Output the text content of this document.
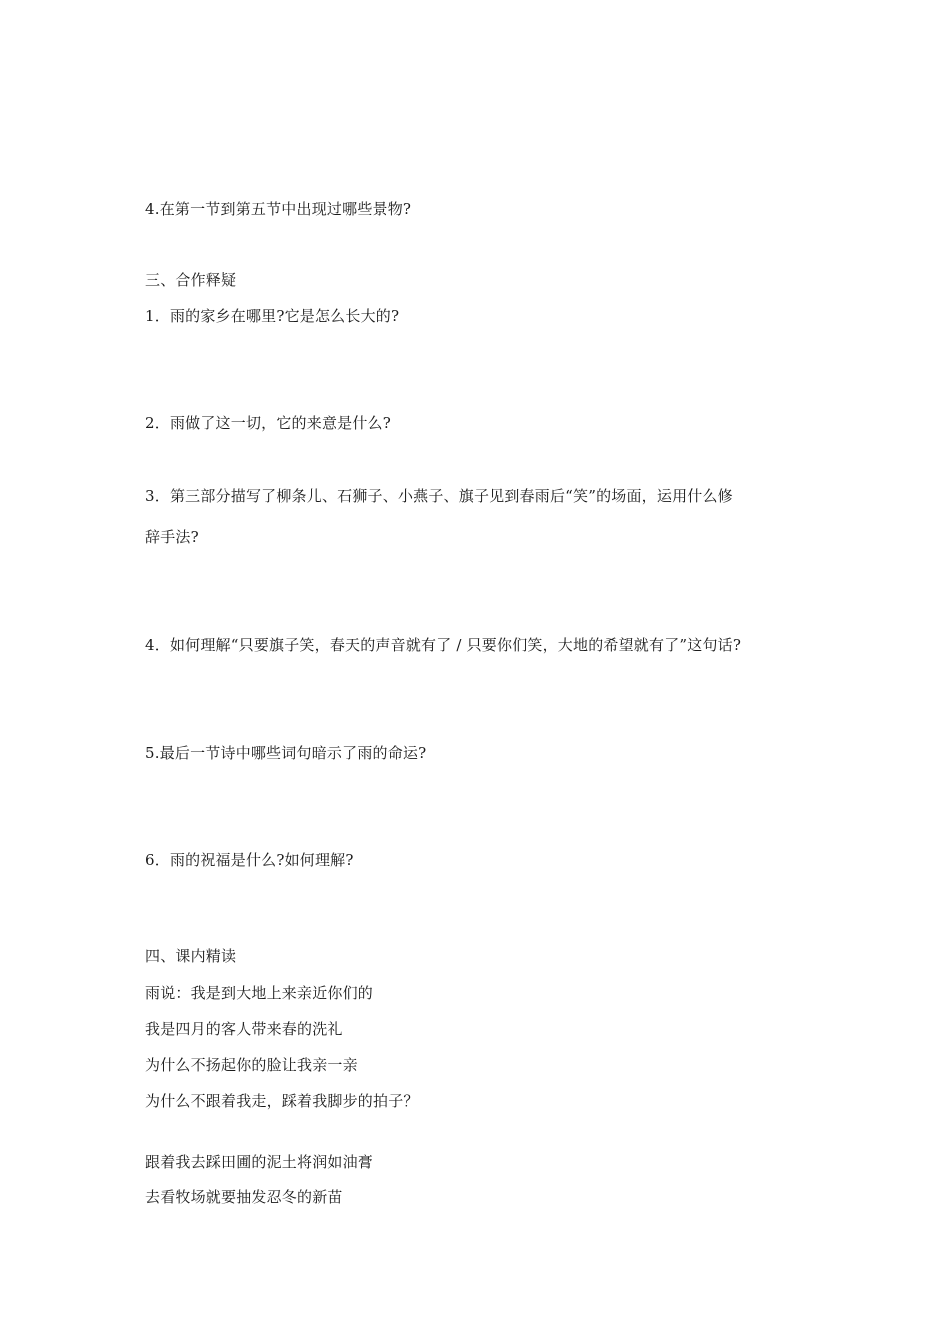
4.在第一节到第五节中出现过哪些景物?
三、合作释疑
1．雨的家乡在哪里?它是怎么长大的?
2．雨做了这一切，它的来意是什么?
3．第三部分描写了柳条儿、石狮子、小燕子、旗子见到春雨后“笑”的场面，运用什么修
辞手法?
4．如何理解“只要旗子笑，春天的声音就有了 / 只要你们笑，大地的希望就有了”这句话?
5.最后一节诗中哪些词句暗示了雨的命运?
6．雨的祝福是什么?如何理解?
四、课内精读
雨说：我是到大地上来亲近你们的
我是四月的客人带来春的洗礼
为什么不扬起你的脸让我亲一亲
为什么不跟着我走，踩着我脚步的拍子？
跟着我去踩田圃的泥土将润如油膏
去看牧场就要抽发忍冬的新苗
